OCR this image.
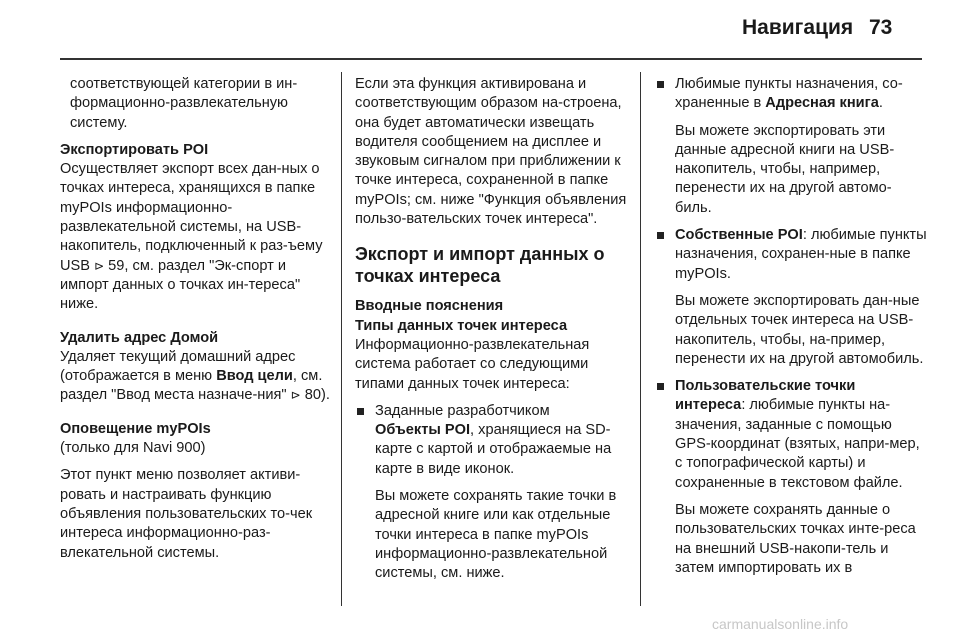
Навигация 73

соответствующей категории в ин-формационно-развлекательную систему.

Экспортировать POI

Осуществляет экспорт всех дан-ных о точках интереса, хранящихся в папке myPOIs информационно-развлекательной системы, на USB-накопитель, подключенный к раз-ъему USB ⊳ 59, см. раздел "Эк-спорт и импорт данных о точках ин-тереса" ниже.

Удалить адрес Домой

Удаляет текущий домашний адрес (отображается в меню Ввод цели, см. раздел "Ввод места назначе-ния" ⊳ 80).

Оповещение myPOIs

(только для Navi 900)

Этот пункт меню позволяет активи-ровать и настраивать функцию объявления пользовательских то-чек интереса информационно-раз-влекательной системы.

Если эта функция активирована и соответствующим образом на-строена, она будет автоматически извещать водителя сообщением на дисплее и звуковым сигналом при приближении к точке интереса, сохраненной в папке myPOIs; см. ниже "Функция объявления пользо-вательских точек интереса".

Экспорт и импорт данных о точках интереса

Вводные пояснения

Типы данных точек интереса

Информационно-развлекательная система работает со следующими типами данных точек интереса:

Заданные разработчиком

Объекты POI, хранящиеся на SD-карте с картой и отображаемые на карте в виде иконок.

Вы можете сохранять такие точки в адресной книге или как отдельные точки интереса в папке myPOIs информационно-развлекательной системы, см. ниже.

Любимые пункты назначения, со-храненные в Адресная книга.

Вы можете экспортировать эти данные адресной книги на USB-накопитель, чтобы, например, перенести их на другой автомо-биль.

Собственные POI: любимые пункты назначения, сохранен-ные в папке myPOIs.

Вы можете экспортировать дан-ные отдельных точек интереса на USB-накопитель, чтобы, на-пример, перенести их на другой автомобиль.

Пользовательские точки интереса: любимые пункты на-значения, заданные с помощью GPS-координат (взятых, напри-мер, с топографической карты) и сохраненные в текстовом файле.

Вы можете сохранять данные о пользовательских точках инте-реса на внешний USB-накопи-тель и затем импортировать их в

carmanualsonline.info
